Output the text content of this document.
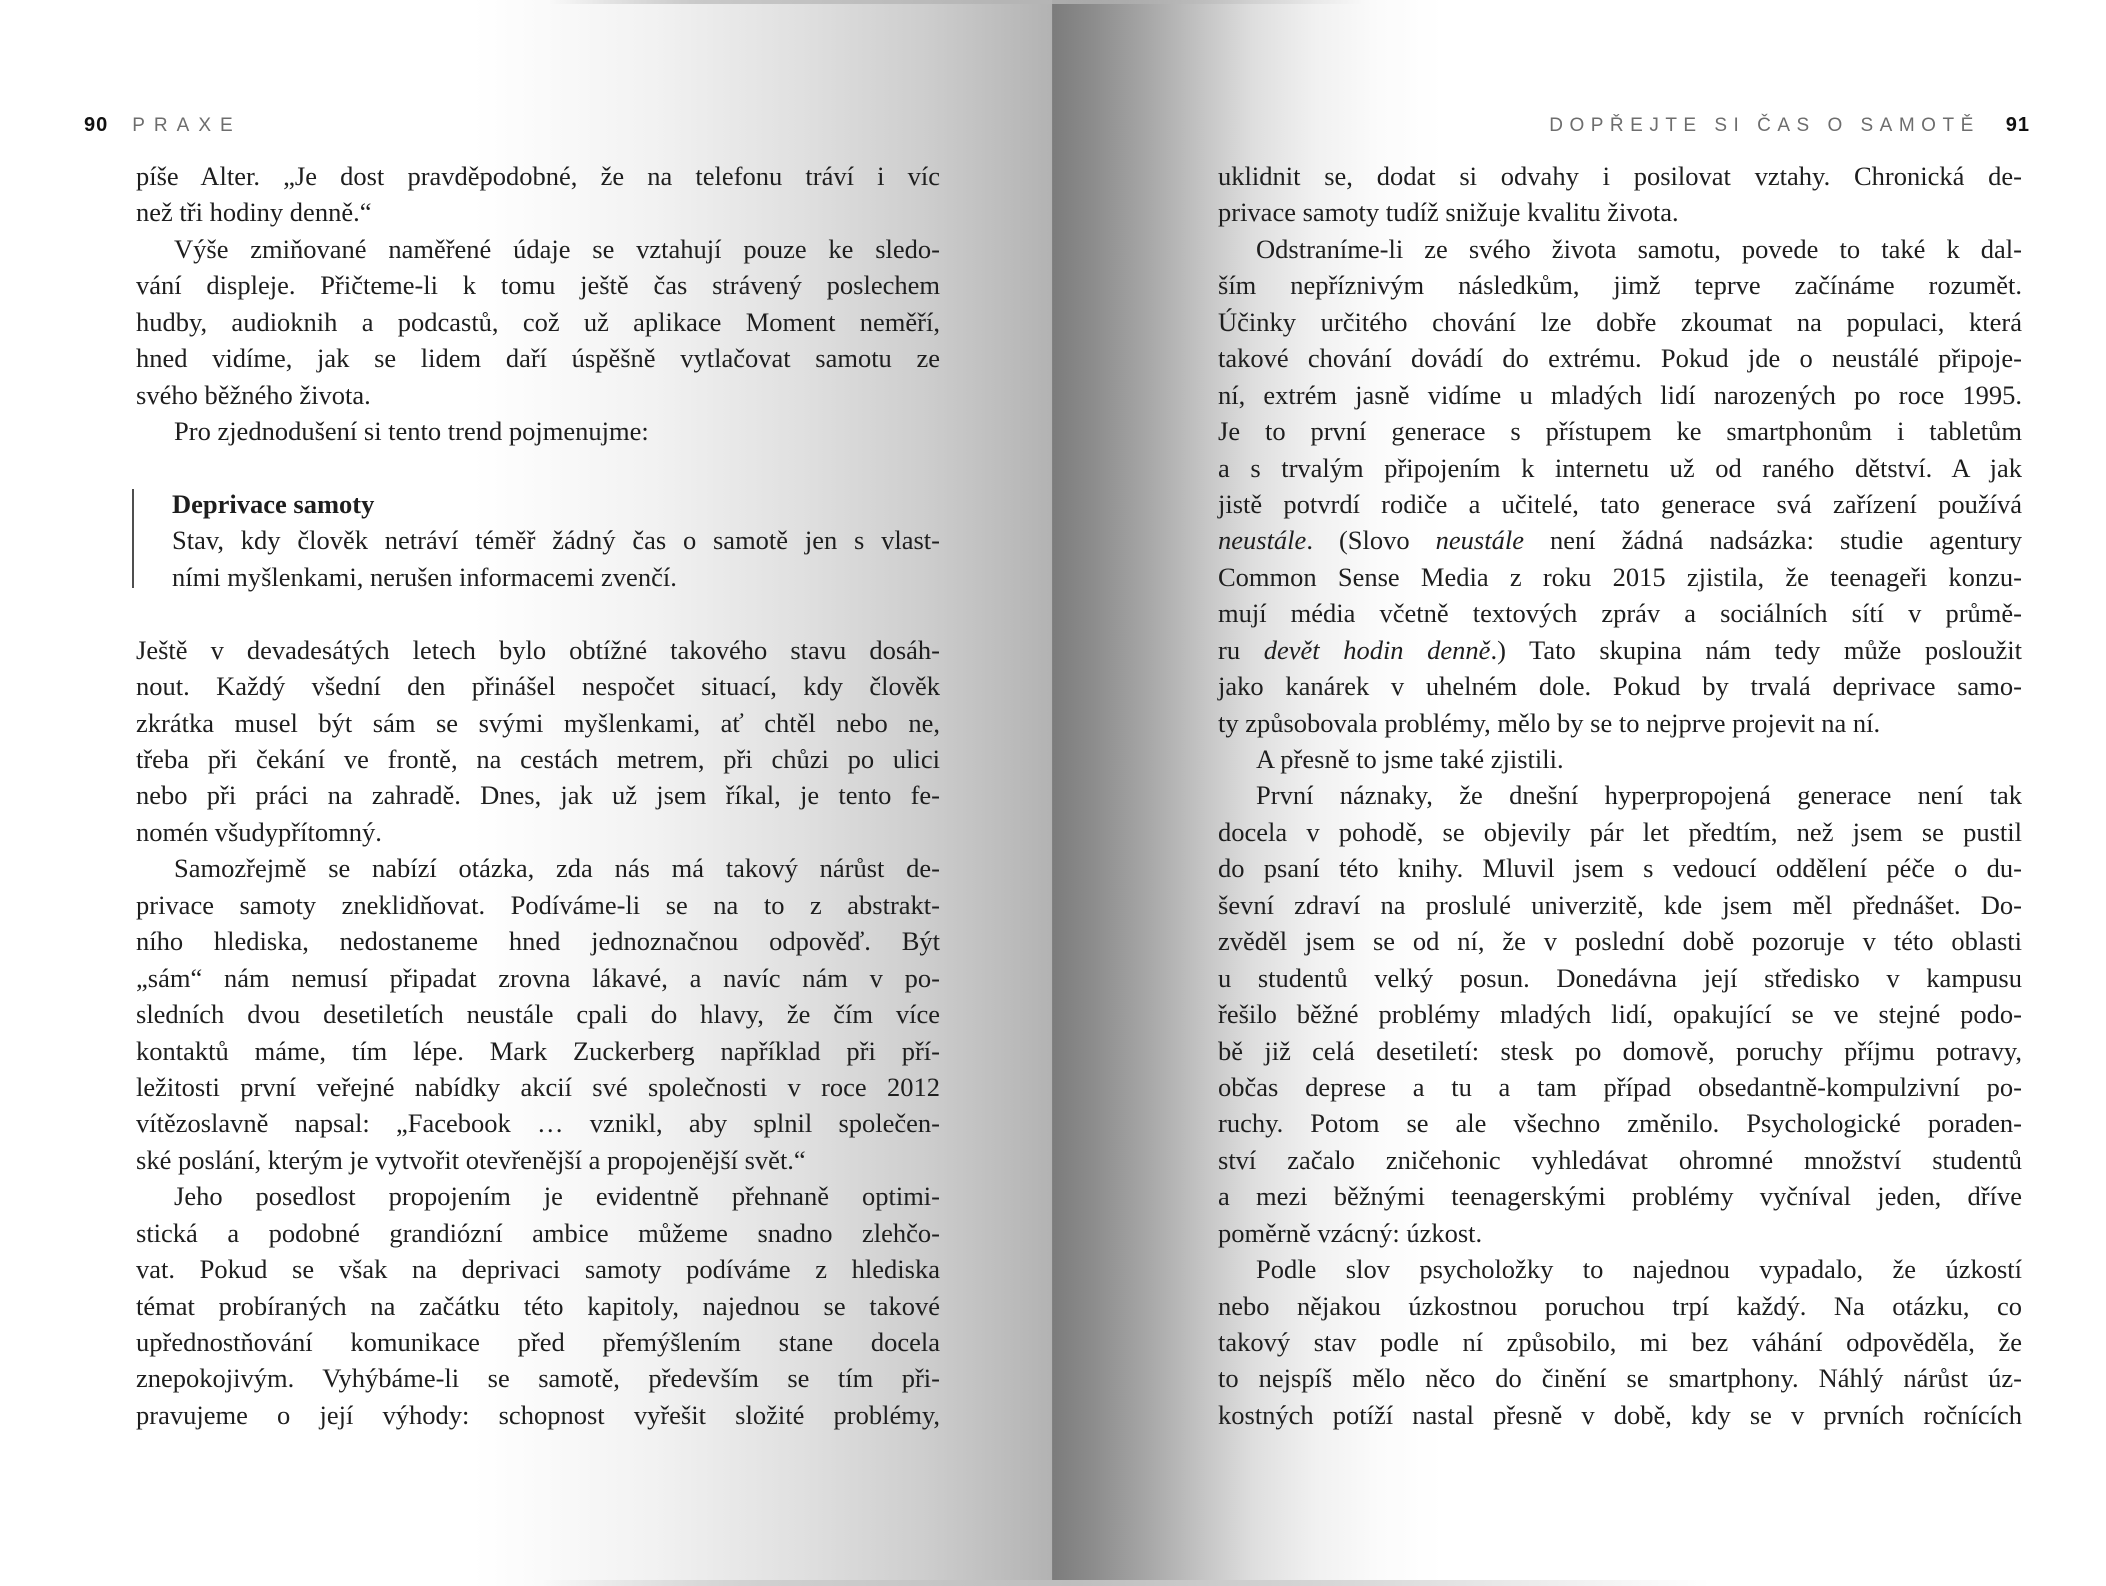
90 PRAXE
píše Alter. „Je dost pravděpodobné, že na telefonu tráví i víc
než tři hodiny denně.“
Výše zmiňované naměřené údaje se vztahují pouze ke sledo-
vání displeje. Přičteme-li k tomu ještě čas strávený poslechem
hudby, audioknih a podcastů, což už aplikace Moment neměří,
hned vidíme, jak se lidem daří úspěšně vytlačovat samotu ze
svého běžného života.
Pro zjednodušení si tento trend pojmenujme:
Deprivace samoty
Stav, kdy člověk netráví téměř žádný čas o samotě jen s vlast-
ními myšlenkami, nerušen informacemi zvenčí.
Ještě v devadesátých letech bylo obtížné takového stavu dosáh-
nout. Každý všední den přinášel nespočet situací, kdy člověk
zkrátka musel být sám se svými myšlenkami, ať chtěl nebo ne,
třeba při čekání ve frontě, na cestách metrem, při chůzi po ulici
nebo při práci na zahradě. Dnes, jak už jsem říkal, je tento fe-
nomén všudypřítomný.
Samozřejmě se nabízí otázka, zda nás má takový nárůst de-
privace samoty zneklidňovat. Podíváme-li se na to z abstrakt-
ního hlediska, nedostaneme hned jednoznačnou odpověď. Být
„sám“ nám nemusí připadat zrovna lákavé, a navíc nám v po-
sledních dvou desetiletích neustále cpali do hlavy, že čím více
kontaktů máme, tím lépe. Mark Zuckerberg například při pří-
ležitosti první veřejné nabídky akcií své společnosti v roce 2012
vítězoslavně napsal: „Facebook … vznikl, aby splnil společen-
ské poslání, kterým je vytvořit otevřenější a propojenější svět.“
Jeho posedlost propojením je evidentně přehnaně optimi-
stická a podobné grandiózní ambice můžeme snadno zlehčo-
vat. Pokud se však na deprivaci samoty podíváme z hlediska
témat probíraných na začátku této kapitoly, najednou se takové
upřednostňování komunikace před přemýšlením stane docela
znepokojivým. Vyhýbáme-li se samotě, především se tím při-
pravujeme o její výhody: schopnost vyřešit složité problémy,
DOPŘEJTE SI ČAS O SAMOTĚ 91
uklidnit se, dodat si odvahy i posilovat vztahy. Chronická de-
privace samoty tudíž snižuje kvalitu života.
Odstraníme-li ze svého života samotu, povede to také k dal-
ším nepříznivým následkům, jimž teprve začínáme rozumět.
Účinky určitého chování lze dobře zkoumat na populaci, která
takové chování dovádí do extrému. Pokud jde o neustálé připoje-
ní, extrém jasně vidíme u mladých lidí narozených po roce 1995.
Je to první generace s přístupem ke smartphonům i tabletům
a s trvalým připojením k internetu už od raného dětství. A jak
jistě potvrdí rodiče a učitelé, tato generace svá zařízení používá
neustále. (Slovo neustále není žádná nadsázka: studie agentury
Common Sense Media z roku 2015 zjistila, že teenageři konzu-
mují média včetně textových zpráv a sociálních sítí v průmě-
ru devět hodin denně.) Tato skupina nám tedy může posloužit
jako kanárek v uhelném dole. Pokud by trvalá deprivace samo-
ty způsobovala problémy, mělo by se to nejprve projevit na ní.
A přesně to jsme také zjistili.
První náznaky, že dnešní hyperpropojená generace není tak
docela v pohodě, se objevily pár let předtím, než jsem se pustil
do psaní této knihy. Mluvil jsem s vedoucí oddělení péče o du-
ševní zdraví na proslulé univerzitě, kde jsem měl přednášet. Do-
zvěděl jsem se od ní, že v poslední době pozoruje v této oblasti
u studentů velký posun. Donedávna její středisko v kampusu
řešilo běžné problémy mladých lidí, opakující se ve stejné podo-
bě již celá desetiletí: stesk po domově, poruchy příjmu potravy,
občas deprese a tu a tam případ obsedantně-kompulzivní po-
ruchy. Potom se ale všechno změnilo. Psychologické poraden-
ství začalo zničehonic vyhledávat ohromné množství studentů
a mezi běžnými teenagerskými problémy vyčníval jeden, dříve
poměrně vzácný: úzkost.
Podle slov psycholožky to najednou vypadalo, že úzkostí
nebo nějakou úzkostnou poruchou trpí každý. Na otázku, co
takový stav podle ní způsobilo, mi bez váhání odpověděla, že
to nejspíš mělo něco do činění se smartphony. Náhlý nárůst úz-
kostných potíží nastal přesně v době, kdy se v prvních ročnících
